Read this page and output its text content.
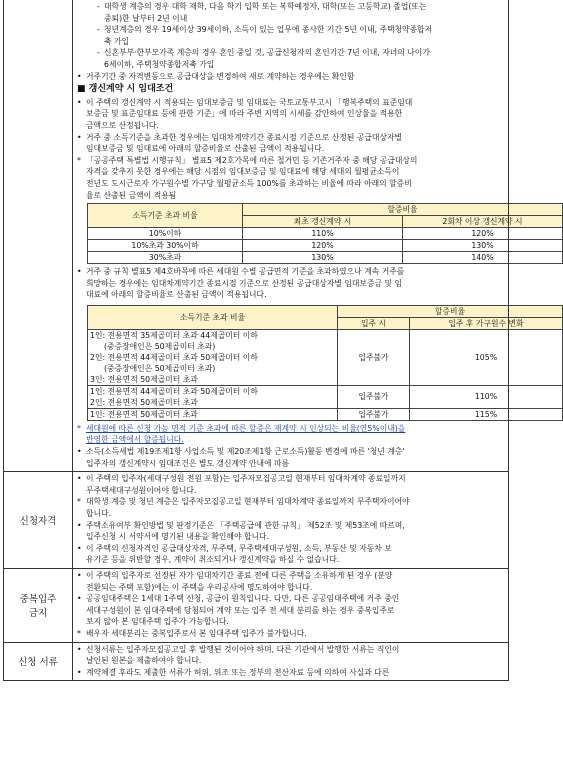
- 대학생 계층의 경우 대학 재학, 다음 학기 입학 또는 복학예정자, 대학(또는 고등학교) 졸업(또는
중퇴)한 날부터 2년 이내
- 청년계층의 경우 19세이상 39세이하, 소득이 있는 업무에 종사한 기간 5년 이내, 주택청약종합저
축 가입
- 신혼부부·한부모가족 계층의 경우 혼인 중일 것, 공급신청자의 혼인기간 7년 이내, 자녀의 나이가
6세이하, 주택청약종합저축 가입
• 거주기간 중 자격변동으로 공급대상을 변경하여 새로 계약하는 경우에는 확인함
■ 갱신계약 시 임대조건
• 이 주택의 갱신계약 시 적용되는 임대보증금 및 임대료는 국토교통부고시 「행복주택의 표준임대
보증금 및 표준임대료 등에 관한 기준」에 따라 주변 지역의 시세를 감안하여 인상율을 적용한
금액으로 산정됩니다.
• 거주 중 소득기준을 초과한 경우에는 임대차계약기간 종료시점 기준으로 산정된 공급대상자별
임대보증금 및 임대료에 아래의 할증비율로 산출된 금액이 적용됩니다.
* 「공공주택 특별법 시행규칙」 별표5 제2호가목에 따른 철거민 등 기존거주자 중 해당 공급대상의
자격을 갖추지 못한 경우에는 해당 시점의 임대보증금 및 임대료에 해당 세대의 월평균소득이
전년도 도시근로자 가구원수별 가구당 월평균소득 100%를 초과하는 비율에 따라 아래의 할증비
율로 산출된 금액이 적용됨
소득기준 초과 비율	할증비율
최초 갱신계약 시	2회차 이상 갱신계약 시
10%이하	110%	120%
10%초과 30%이하	120%	130%
30%초과	130%	140%
• 거주 중 규칙 별표5 제4호바목에 따른 세대원 수별 공급면적 기준을 초과하였으나 계속 거주를
희망하는 경우에는 임대차계약기간 종료시점 기준으로 산정된 공급대상자별 임대보증금 및 임
대료에 아래의 할증비율로 산출된 금액이 적용됩니다.
소득기준 초과 비율	할증비율
입주 시	입주 후 가구원수 변화
1인: 전용면적 35제곱미터 초과 44제곱미터 이하
(중증장애인은 50제곱미터 초과)
2인: 전용면적 44제곱미터 초과 50제곱미터 이하
(중증장애인은 50제곱미터 초과)
3인: 전용면적 50제곱미터 초과	입주불가	105%
1인: 전용면적 44제곱미터 초과 50제곱미터 이하
2인: 전용면적 50제곱미터 초과	입주불가	110%
1인: 전용면적 50제곱미터 초과	입주불가	115%
* 세대원에 따른 신청 가능 면적 기준 초과에 따른 할증은 재계약 시 인상되는 비율(연5%이내)을
반영한 금액에서 할증됩니다.
• 소득(소득세법 제19조제1항 사업소득 및 제20조제1항 근로소득)활동 변경에 따른 '청년 계층'
입주자의 갱신계약시 임대조건은 별도 갱신계약 안내에 따름

신청자격	
• 이 주택의 입주자(세대구성원 전원 포함)는 입주자모집공고일 현재부터 임대차계약 종료일까지
무주택세대구성원이어야 합니다.
* 대학생 계층 및 청년 계층은 입주자모집공고일 현재부터 임대차계약 종료일까지 무주택자이어야
합니다.
• 주택소유여부 확인방법 및 판정기준은 「주택공급에 관한 규칙」 제52조 및 제53조에 따르며,
입주신청 시 서약서에 명기된 내용을 확인해야 합니다.
• 이 주택의 신청자격인 공급대상자격, 무주택, 무주택세대구성원, 소득, 부동산 및 자동차 보
유기준 등을 위반할 경우, 계약이 취소되거나 갱신계약을 하실 수 없습니다.

중복입주
금지	
• 이 주택의 입주자로 선정된 자가 임대차기간 종료 전에 다른 주택을 소유하게 된 경우 (분양
전환되는 주택 포함)에는 이 주택을 우리공사에 명도하여야 합니다.
• 공공임대주택은 1세대 1주택 신청, 공급이 원칙입니다. 다만, 다른 공공임대주택에 거주 중인
세대구성원이 본 임대주택에 당첨되어 계약 또는 입주 전 세대 분리를 하는 경우 중복입주로
보지 않아 본 임대주택 입주가 가능합니다.
* 배우자 세대분리는 중복입주로서 본 임대주택 입주가 불가합니다.

신청 서류	
• 신청서류는 입주자모집공고일 후 발행된 것이어야 하며, 다른 기관에서 발행한 서류는 직인이
날인된 원본을 제출하여야 합니다.
• 계약체결 후라도 제출한 서류가 허위, 위조 또는 정부의 전산자료 등에 의하여 사실과 다른
